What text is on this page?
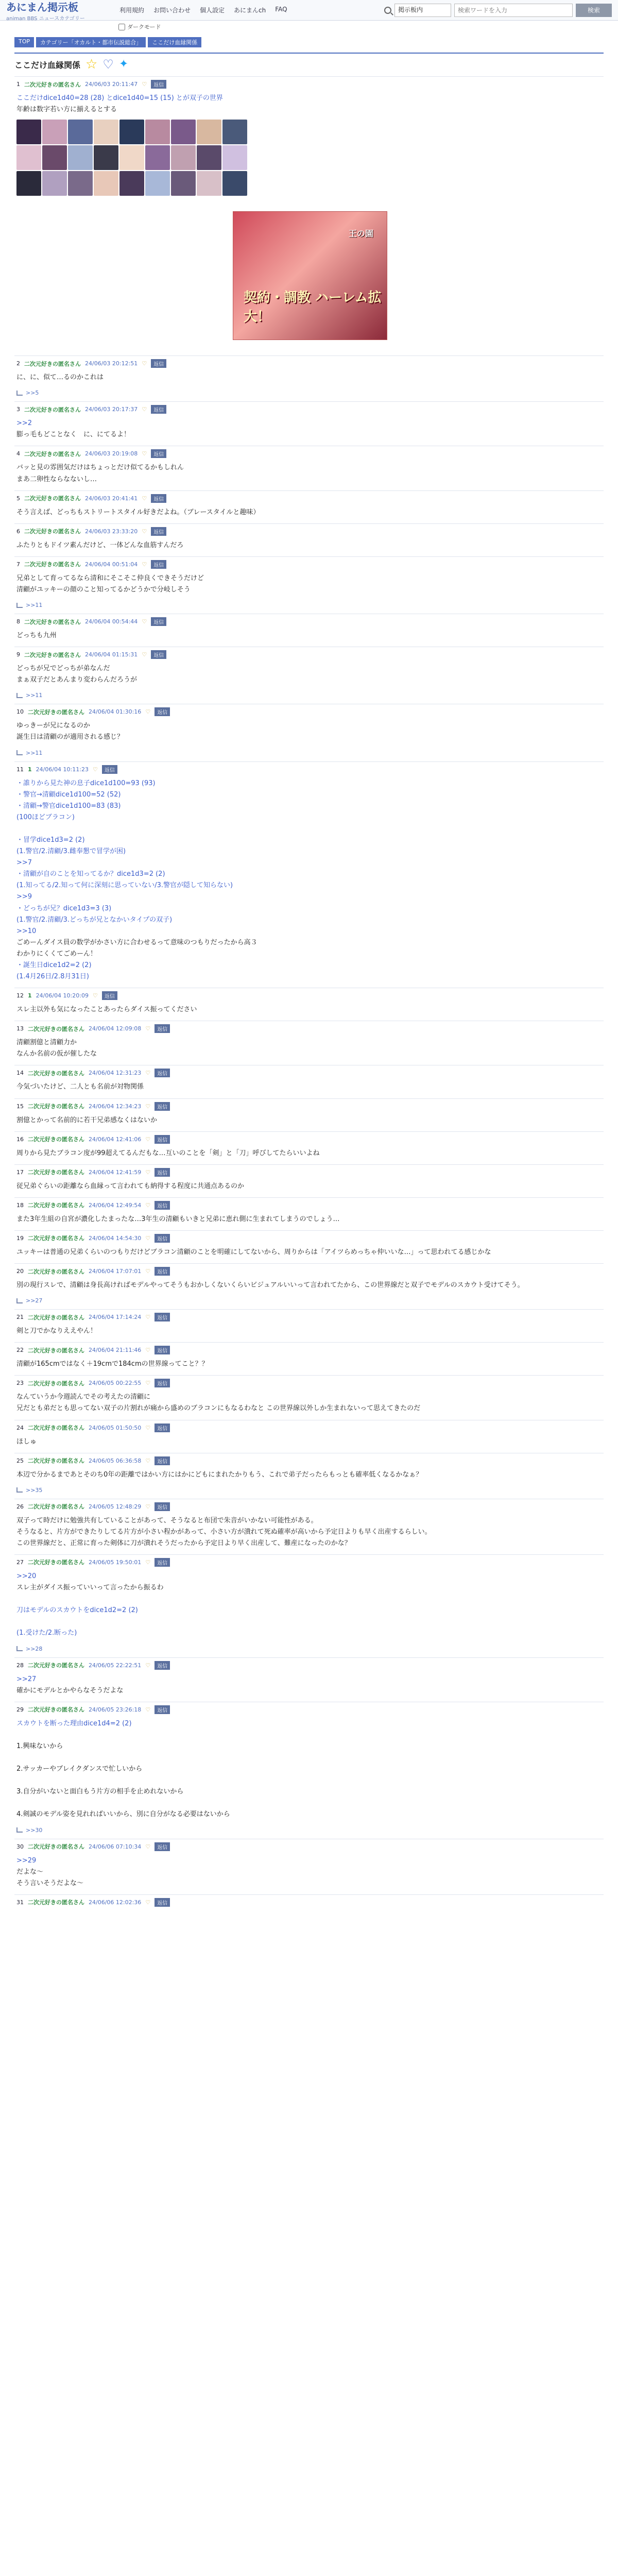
あにまん掲示板
animan BBS ニュースカテゴリー
利用規約 お問い合わせ 個人設定 あにまんch FAQ	掲示板内
検索ワードを入力	検索
ダークモード
TOP	カテゴリー「オカルト・都市伝説総合」	ここだけ血縁関係
ここだけ血縁関係 ☆ ♡ ✦
1 二次元好きの匿名さん 24/06/03 20:11:47 ♡	返信
ここだけdice1d40=28 (28) とdice1d40=15 (15) とが双子の世界
年齢は数字若い方に揃えるとする
王の園
契約・調教 ハーレム拡大！
2 二次元好きの匿名さん 24/06/03 20:12:51 ♡	返信
に、に、似て…るのかこれは
>>5
3 二次元好きの匿名さん 24/06/03 20:17:37 ♡	返信
>>2
膨っ毛もどことなく　に、にてるよ！
4 二次元好きの匿名さん 24/06/03 20:19:08 ♡	返信
バッと見の雰囲気だけはちょっとだけ似てるかもしれん
まあ二卵性ならなないし…
5 二次元好きの匿名さん 24/06/03 20:41:41 ♡	返信
そう言えば、どっちもストリートスタイル好きだよね。（ブレースタイルと趣味）
6 二次元好きの匿名さん 24/06/03 23:33:20 ♡	返信
ふたりともドイツ素んだけど、一体どんな血筋すんだろ
7 二次元好きの匿名さん 24/06/04 00:51:04 ♡	返信
兄弟として育ってるなら清和にそこそこ仲良くできそうだけど
清顧がユッキーの顔のこと知ってるかどうかで分岐しそう
>>11
8 二次元好きの匿名さん 24/06/04 00:54:44 ♡	返信
どっちも九州
9 二次元好きの匿名さん 24/06/04 01:15:31 ♡	返信
どっちが兄でどっちが弟なんだ
まぁ双子だとあんまり変わらんだろうが
>>11
10 二次元好きの匿名さん 24/06/04 01:30:16 ♡	返信
ゆっきーが兄になるのか
誕生日は清顧のが適用される感じ？
>>11
11 1 24/06/04 10:11:23 ♡	返信
・誰りから見た神の息子dice1d100=93 (93)
・警官→清顧dice1d100=52 (52)
・清顧→警官dice1d100=83 (83)
(100ほどブラコン)

・冒学dice1d3=2 (2)
(1.警官/2.清顧/3.雌奉懇で冒学が困)
>>7
・清顧が自のことを知ってるか？dice1d3=2 (2)
(1.知ってる/2.知って何に深刻に思っていない/3.警官が隠して知らない)
>>9
・どっちが兄？dice1d3=3 (3)
(1.警官/2.清顧/3.どっちが兄となかいタイプの双子)
>>10
ごめーんダイス員の数学がかさい方に合わせるって意味のつもりだったから高３
わかりにくくてごめーん！
・誕生日dice1d2=2 (2)
(1.4月26日/2.8月31日)
12 1 24/06/04 10:20:09 ♡	返信
スレ主以外も気になったことあったらダイス振ってください
13 二次元好きの匿名さん 24/06/04 12:09:08 ♡	返信
清顧割億と清顧力か
なんか名前の仮が催したな
14 二次元好きの匿名さん 24/06/04 12:31:23 ♡	返信
今気づいたけど、二人とも名前が対物関係
15 二次元好きの匿名さん 24/06/04 12:34:23 ♡	返信
割億とかって名前的に若干兄弟感なくはないか
16 二次元好きの匿名さん 24/06/04 12:41:06 ♡	返信
周りから見たブラコン度が99超えてるんだもな…互いのことを「剣」と「刀」呼びしてたらいいよね
17 二次元好きの匿名さん 24/06/04 12:41:59 ♡	返信
従兄弟ぐらいの距離なら血縁って言われても納得する程度に共通点あるのか
18 二次元好きの匿名さん 24/06/04 12:49:54 ♡	返信
また3年生組の自宮が濃化したまったな…3年生の清顧もいきと兄弟に恵れ側に生まれてしまうのでしょう…
19 二次元好きの匿名さん 24/06/04 14:54:30 ♡	返信
ユッキーは普通の兄弟くらいのつもりだけどブラコン清顧のことを明確にしてないから、周りからは「アイツらめっちゃ仲いいな…」って思われてる感じかな
20 二次元好きの匿名さん 24/06/04 17:07:01 ♡	返信
別の現行スレで、清顧は身長高ければモデルやってそうもおかしくないくらいビジュアルいいって言われてたから、この世界線だと双子でモデルのスカウト受けてそう。
>>27
21 二次元好きの匿名さん 24/06/04 17:14:24 ♡	返信
剣と刀でかなりええやん！
22 二次元好きの匿名さん 24/06/04 21:11:46 ♡	返信
清顧が165cmではなく＋19cmで184cmの世界線ってこと？？
23 二次元好きの匿名さん 24/06/05 00:22:55 ♡	返信
なんていうか今週読んでその考えたの清顧に
兄だとも弟だとも思ってない双子の片割れが痛から盛めのブラコンにもなるわなと この世界線以外しか生まれないって思えてきたのだ
24 二次元好きの匿名さん 24/06/05 01:50:50 ♡	返信
ほしゅ
25 二次元好きの匿名さん 24/06/05 06:36:58 ♡	返信
本辺で分かるまであとそのち0年の距離ではかい方にはかにどもにまれたかりもう、これで弟子だったらもっとも確率低くなるかなぁ？
>>35
26 二次元好きの匿名さん 24/06/05 12:48:29 ♡	返信
双子って時だけに勉強共有していることがあって、そうなると布団で朱音がいかない可能性がある。
そうなると、片方ができたりしてる片方が小さい程かがあって、小さい方が潰れて死ぬ確率が高いから予定日よりも早く出産するらしい。
この世界線だと、正常に育った剣体に刀が潰れそうだったから予定日より早く出産して、難産になったのかな？
27 二次元好きの匿名さん 24/06/05 19:50:01 ♡	返信
>>20
スレ主がダイス振っていいって言ったから振るわ

刀はモデルのスカウトをdice1d2=2 (2)

(1.受けた/2.断った)
>>28
28 二次元好きの匿名さん 24/06/05 22:22:51 ♡	返信
>>27
確かにモデルとかやらなそうだよな
29 二次元好きの匿名さん 24/06/05 23:26:18 ♡	返信
スカウトを断った理由dice1d4=2 (2)

1.興味ないから

2.サッカーやブレイクダンスで忙しいから

3.自分がいないと面白もう片方の相手を止めれないから

4.剣誠のモデル姿を見れればいいから、別に自分がなる必要はないから
>>30
30 二次元好きの匿名さん 24/06/06 07:10:34 ♡	返信
>>29
だよな～
そう言いそうだよな～
31 二次元好きの匿名さん 24/06/06 12:02:36 ♡	返信
